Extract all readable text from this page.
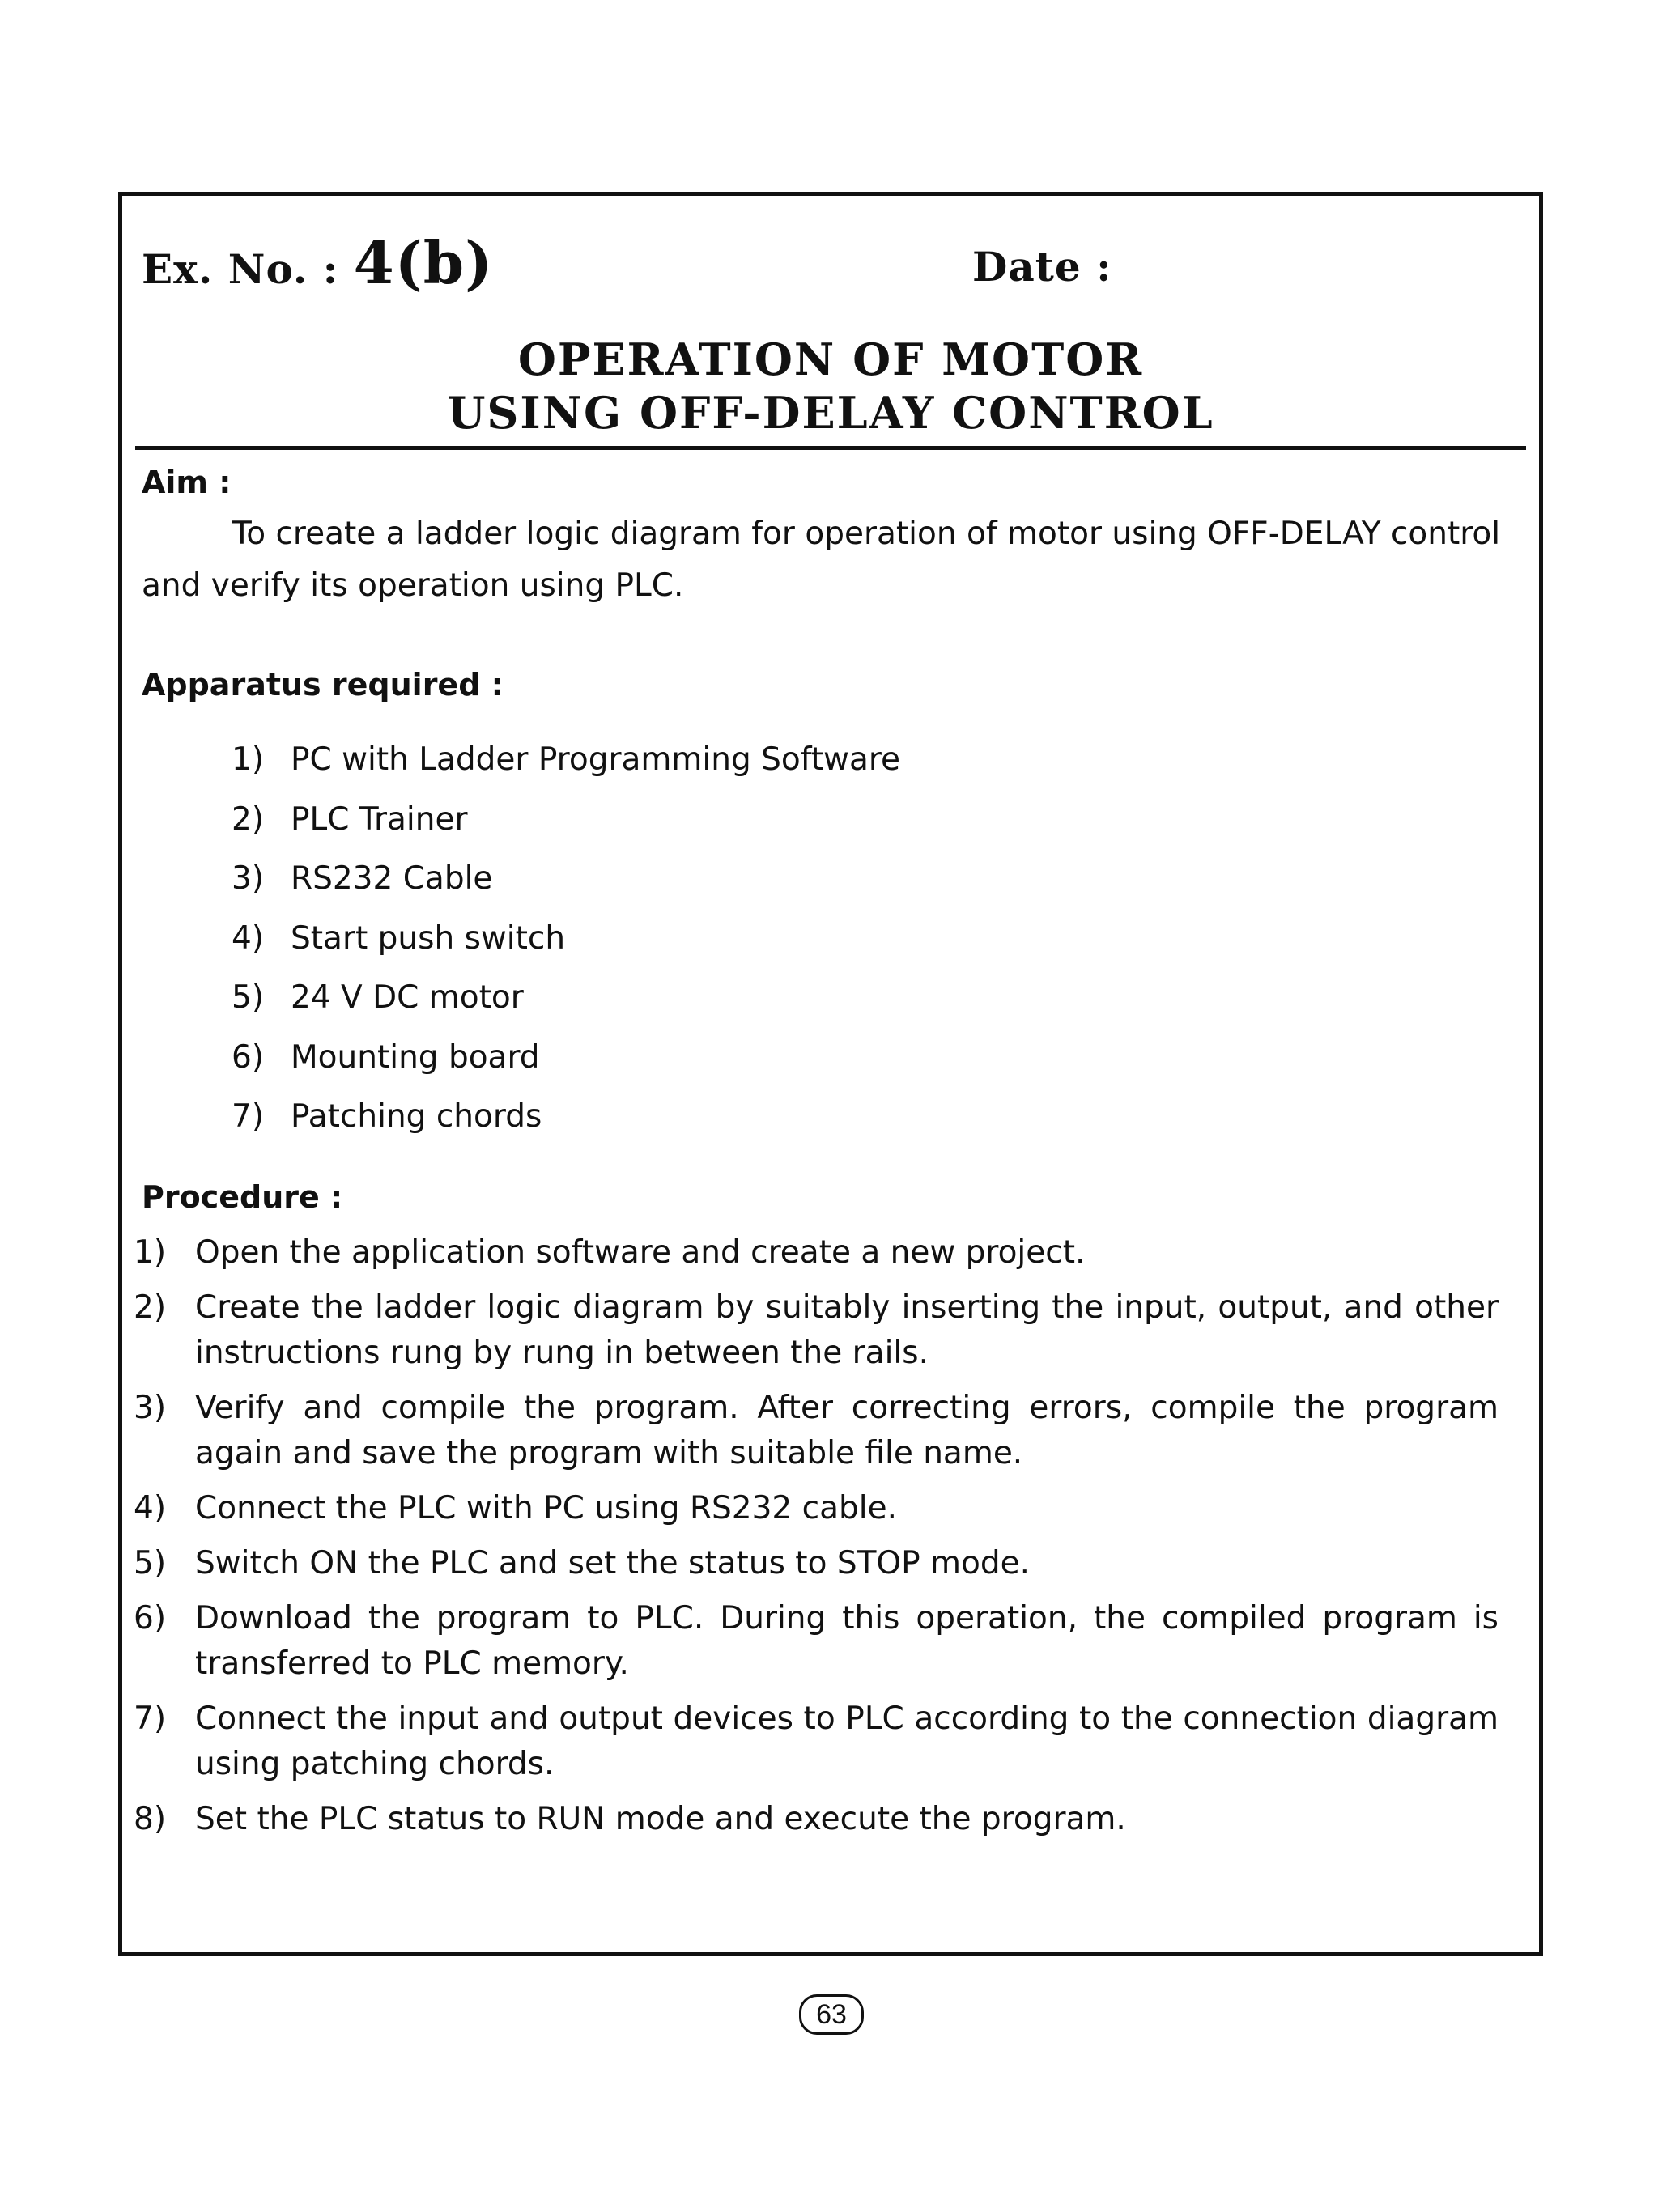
Ex. No. : 4(b)	Date :
OPERATION OF MOTOR
USING OFF-DELAY CONTROL
Aim :
To create a ladder logic diagram for operation of motor using OFF-DELAY control and verify its operation using PLC.
Apparatus required :
1) PC with Ladder Programming Software
2) PLC Trainer
3) RS232 Cable
4) Start push switch
5) 24 V DC motor
6) Mounting board
7) Patching chords
Procedure :
1) Open the application software and create a new project.
2) Create the ladder logic diagram by suitably inserting the input, output, and other instructions rung by rung in between the rails.
3) Verify and compile the program. After correcting errors, compile the program again and save the program with suitable file name.
4) Connect the PLC with PC using RS232 cable.
5) Switch ON the PLC and set the status to STOP mode.
6) Download the program to PLC. During this operation, the compiled program is transferred to PLC memory.
7) Connect the input and output devices to PLC according to the connection diagram using patching chords.
8) Set the PLC status to RUN mode and execute the program.
63
